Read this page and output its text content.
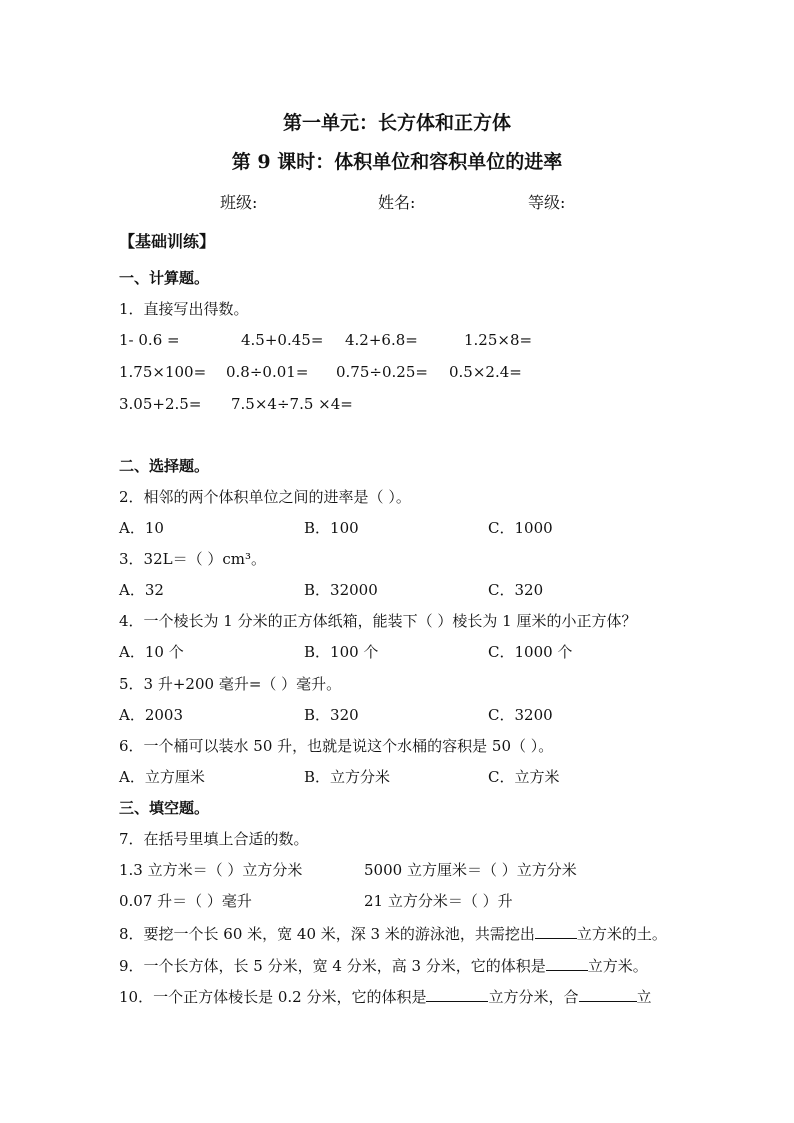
第一单元：长方体和正方体
第 9 课时：体积单位和容积单位的进率
班级:	姓名:	等级:
【基础训练】
一、计算题。
1．直接写出得数。
1- 0.6 =	4.5+0.45= 4.2+6.8=	1.25×8=
1.75×100= 0.8÷0.01= 0.75÷0.25= 0.5×2.4=
3.05+2.5= 7.5×4÷7.5 ×4=
二、选择题。
2．相邻的两个体积单位之间的进率是（ ）。
A．10	B．100	C．1000
3．32L＝（ ）cm³。
A．32	B．32000	C．320
4．一个棱长为 1 分米的正方体纸箱，能装下（ ）棱长为 1 厘米的小正方体？
A．10 个	B．100 个	C．1000 个
5．3 升+200 毫升=（ ）毫升。
A．2003	B．320	C．3200
6．一个桶可以装水 50 升，也就是说这个水桶的容积是 50（ ）。
A．立方厘米	B．立方分米	C．立方米
三、填空题。
7．在括号里填上合适的数。
1.3 立方米＝（ ）立方分米	5000 立方厘米＝（ ）立方分米
0.07 升＝（ ）毫升	21 立方分米＝（ ）升
8．要挖一个长 60 米，宽 40 米，深 3 米的游泳池，共需挖出	立方米的土。
9．一个长方体，长 5 分米，宽 4 分米，高 3 分米，它的体积是	立方米。
10．一个正方体棱长是 0.2 分米，它的体积是	立方分米，合	立
